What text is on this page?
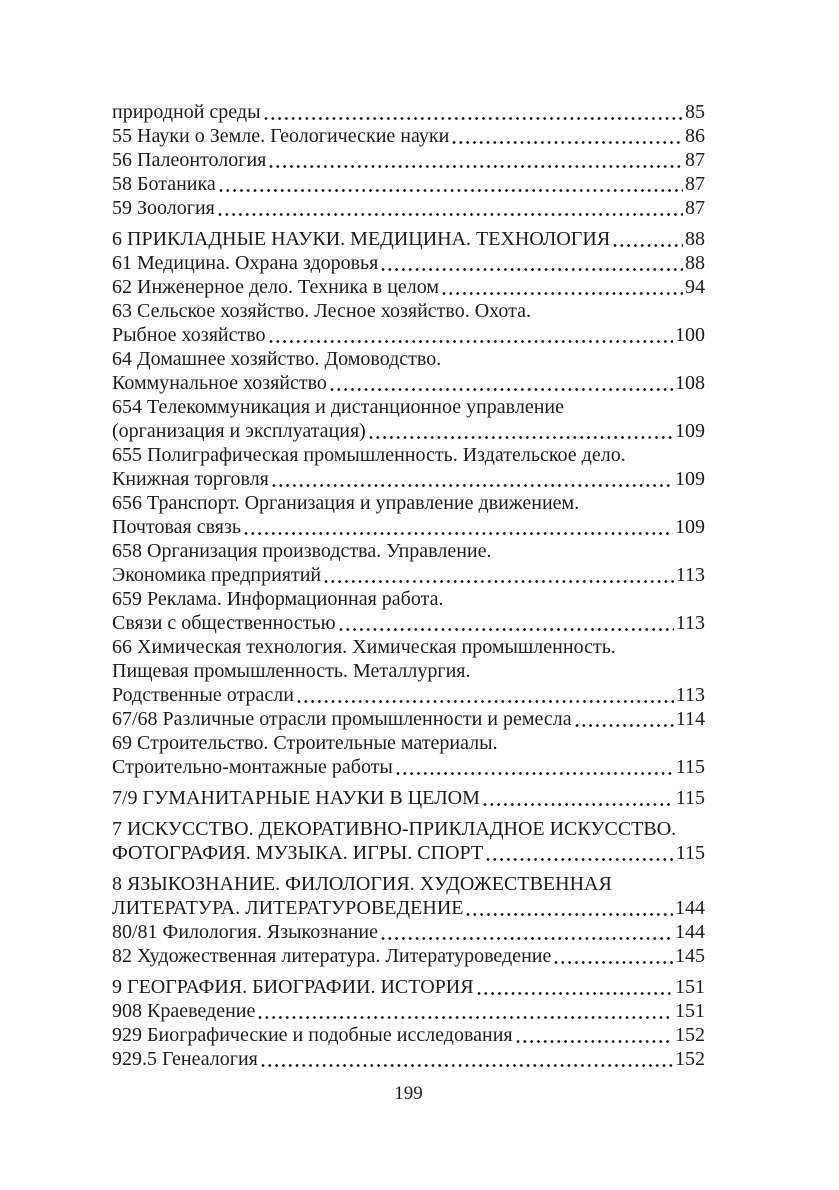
природной среды	85
55 Науки о Земле. Геологические науки	86
56 Палеонтология	87
58 Ботаника	87
59 Зоология	87
6 ПРИКЛАДНЫЕ НАУКИ. МЕДИЦИНА. ТЕХНОЛОГИЯ	88
61 Медицина. Охрана здоровья	88
62 Инженерное дело. Техника в целом	94
63 Сельское хозяйство. Лесное хозяйство. Охота.
Рыбное хозяйство	100
64 Домашнее хозяйство. Домоводство.
Коммунальное хозяйство	108
654 Телекоммуникация и дистанционное управление
(организация и эксплуатация)	109
655 Полиграфическая промышленность. Издательское дело.
Книжная торговля	109
656 Транспорт. Организация и управление движением.
Почтовая связь	109
658 Организация производства. Управление.
Экономика предприятий	113
659 Реклама. Информационная работа.
Связи с общественностью	113
66 Химическая технология. Химическая промышленность.
Пищевая промышленность. Металлургия.
Родственные отрасли	113
67/68 Различные отрасли промышленности и ремесла	114
69 Строительство. Строительные материалы.
Строительно-монтажные работы	115
7/9 ГУМАНИТАРНЫЕ НАУКИ В ЦЕЛОМ	115
7 ИСКУССТВО. ДЕКОРАТИВНО-ПРИКЛАДНОЕ ИСКУССТВО.
ФОТОГРАФИЯ. МУЗЫКА. ИГРЫ. СПОРТ	115
8 ЯЗЫКОЗНАНИЕ. ФИЛОЛОГИЯ. ХУДОЖЕСТВЕННАЯ
ЛИТЕРАТУРА. ЛИТЕРАТУРОВЕДЕНИЕ	144
80/81 Филология. Языкознание	144
82 Художественная литература. Литературоведение	145
9 ГЕОГРАФИЯ. БИОГРАФИИ. ИСТОРИЯ	151
908 Краеведение	151
929 Биографические и подобные исследования	152
929.5 Генеалогия	152
199
